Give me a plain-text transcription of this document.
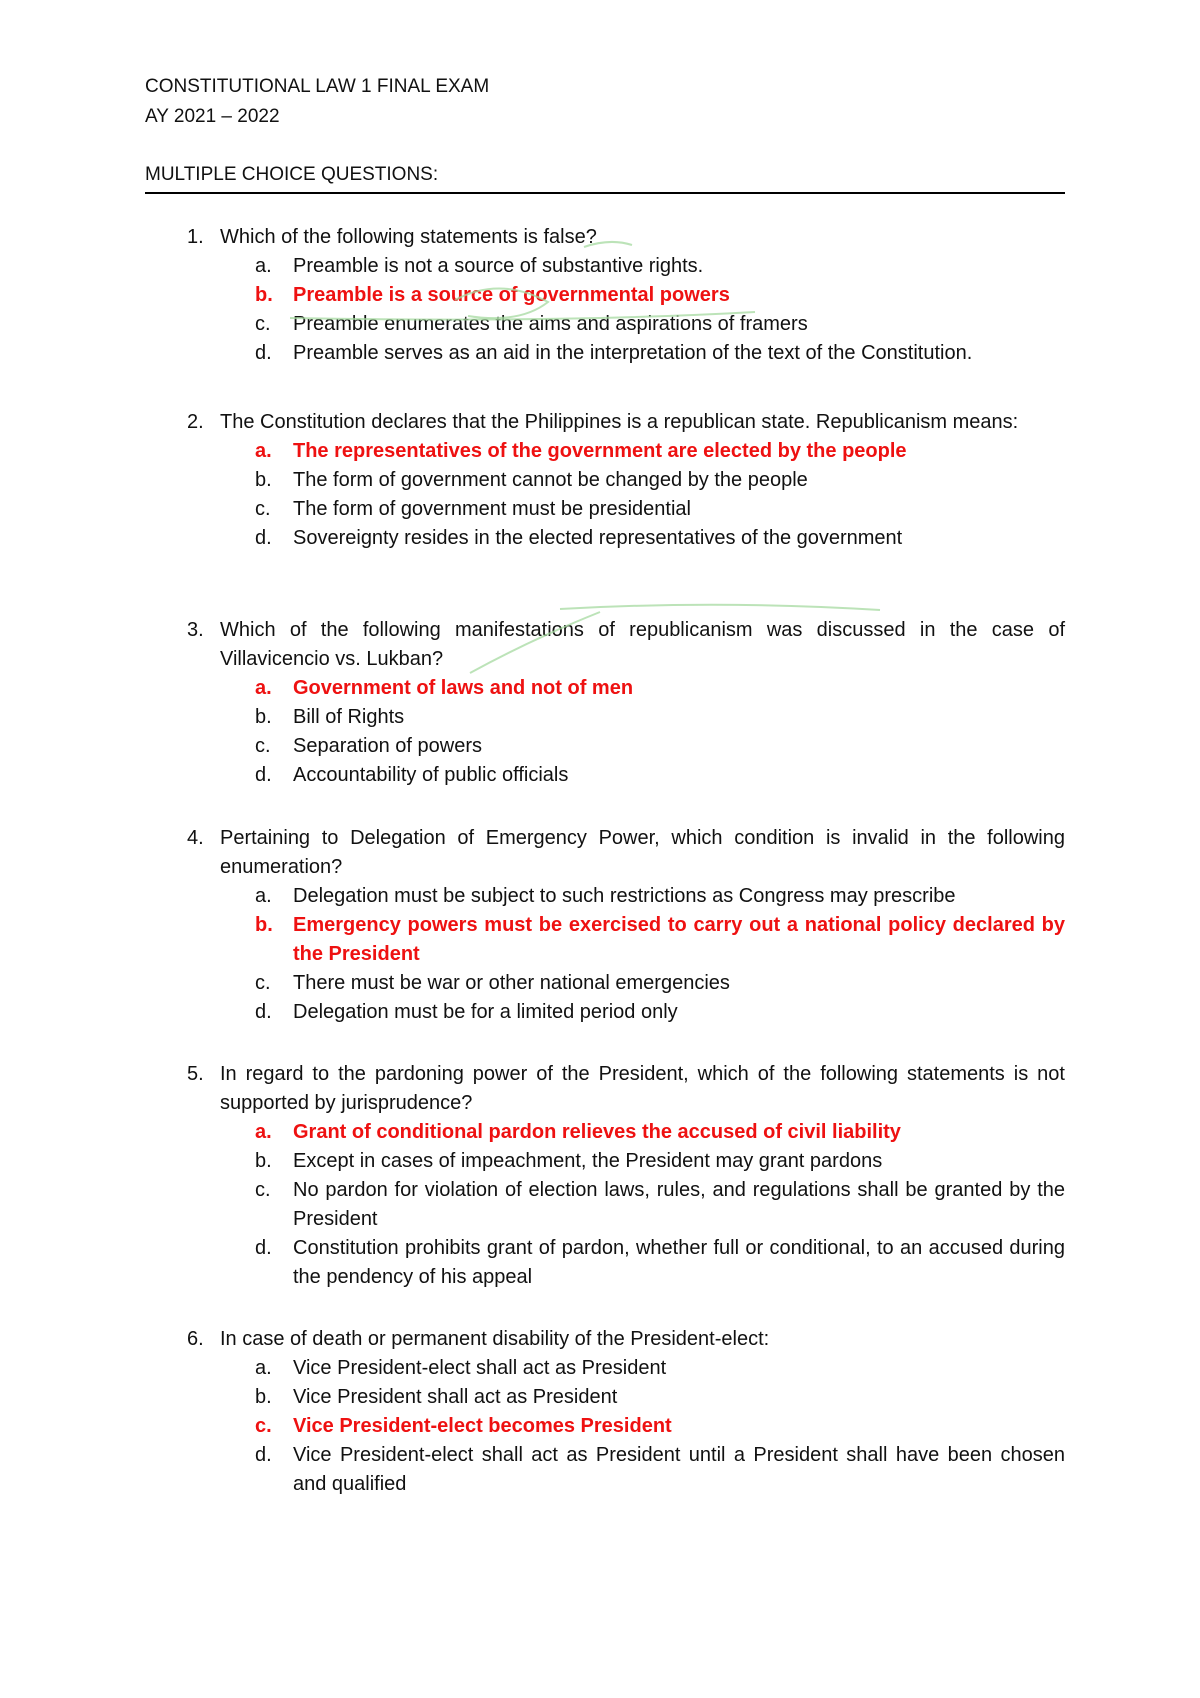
CONSTITUTIONAL LAW 1 FINAL EXAM
AY 2021 – 2022
MULTIPLE CHOICE QUESTIONS:
1. Which of the following statements is false?
a. Preamble is not a source of substantive rights.
b. Preamble is a source of governmental powers
c. Preamble enumerates the aims and aspirations of framers
d. Preamble serves as an aid in the interpretation of the text of the Constitution.
2. The Constitution declares that the Philippines is a republican state. Republicanism means:
a. The representatives of the government are elected by the people
b. The form of government cannot be changed by the people
c. The form of government must be presidential
d. Sovereignty resides in the elected representatives of the government
3. Which of the following manifestations of republicanism was discussed in the case of Villavicencio vs. Lukban?
a. Government of laws and not of men
b. Bill of Rights
c. Separation of powers
d. Accountability of public officials
4. Pertaining to Delegation of Emergency Power, which condition is invalid in the following enumeration?
a. Delegation must be subject to such restrictions as Congress may prescribe
b. Emergency powers must be exercised to carry out a national policy declared by the President
c. There must be war or other national emergencies
d. Delegation must be for a limited period only
5. In regard to the pardoning power of the President, which of the following statements is not supported by jurisprudence?
a. Grant of conditional pardon relieves the accused of civil liability
b. Except in cases of impeachment, the President may grant pardons
c. No pardon for violation of election laws, rules, and regulations shall be granted by the President
d. Constitution prohibits grant of pardon, whether full or conditional, to an accused during the pendency of his appeal
6. In case of death or permanent disability of the President-elect:
a. Vice President-elect shall act as President
b. Vice President shall act as President
c. Vice President-elect becomes President
d. Vice President-elect shall act as President until a President shall have been chosen and qualified
